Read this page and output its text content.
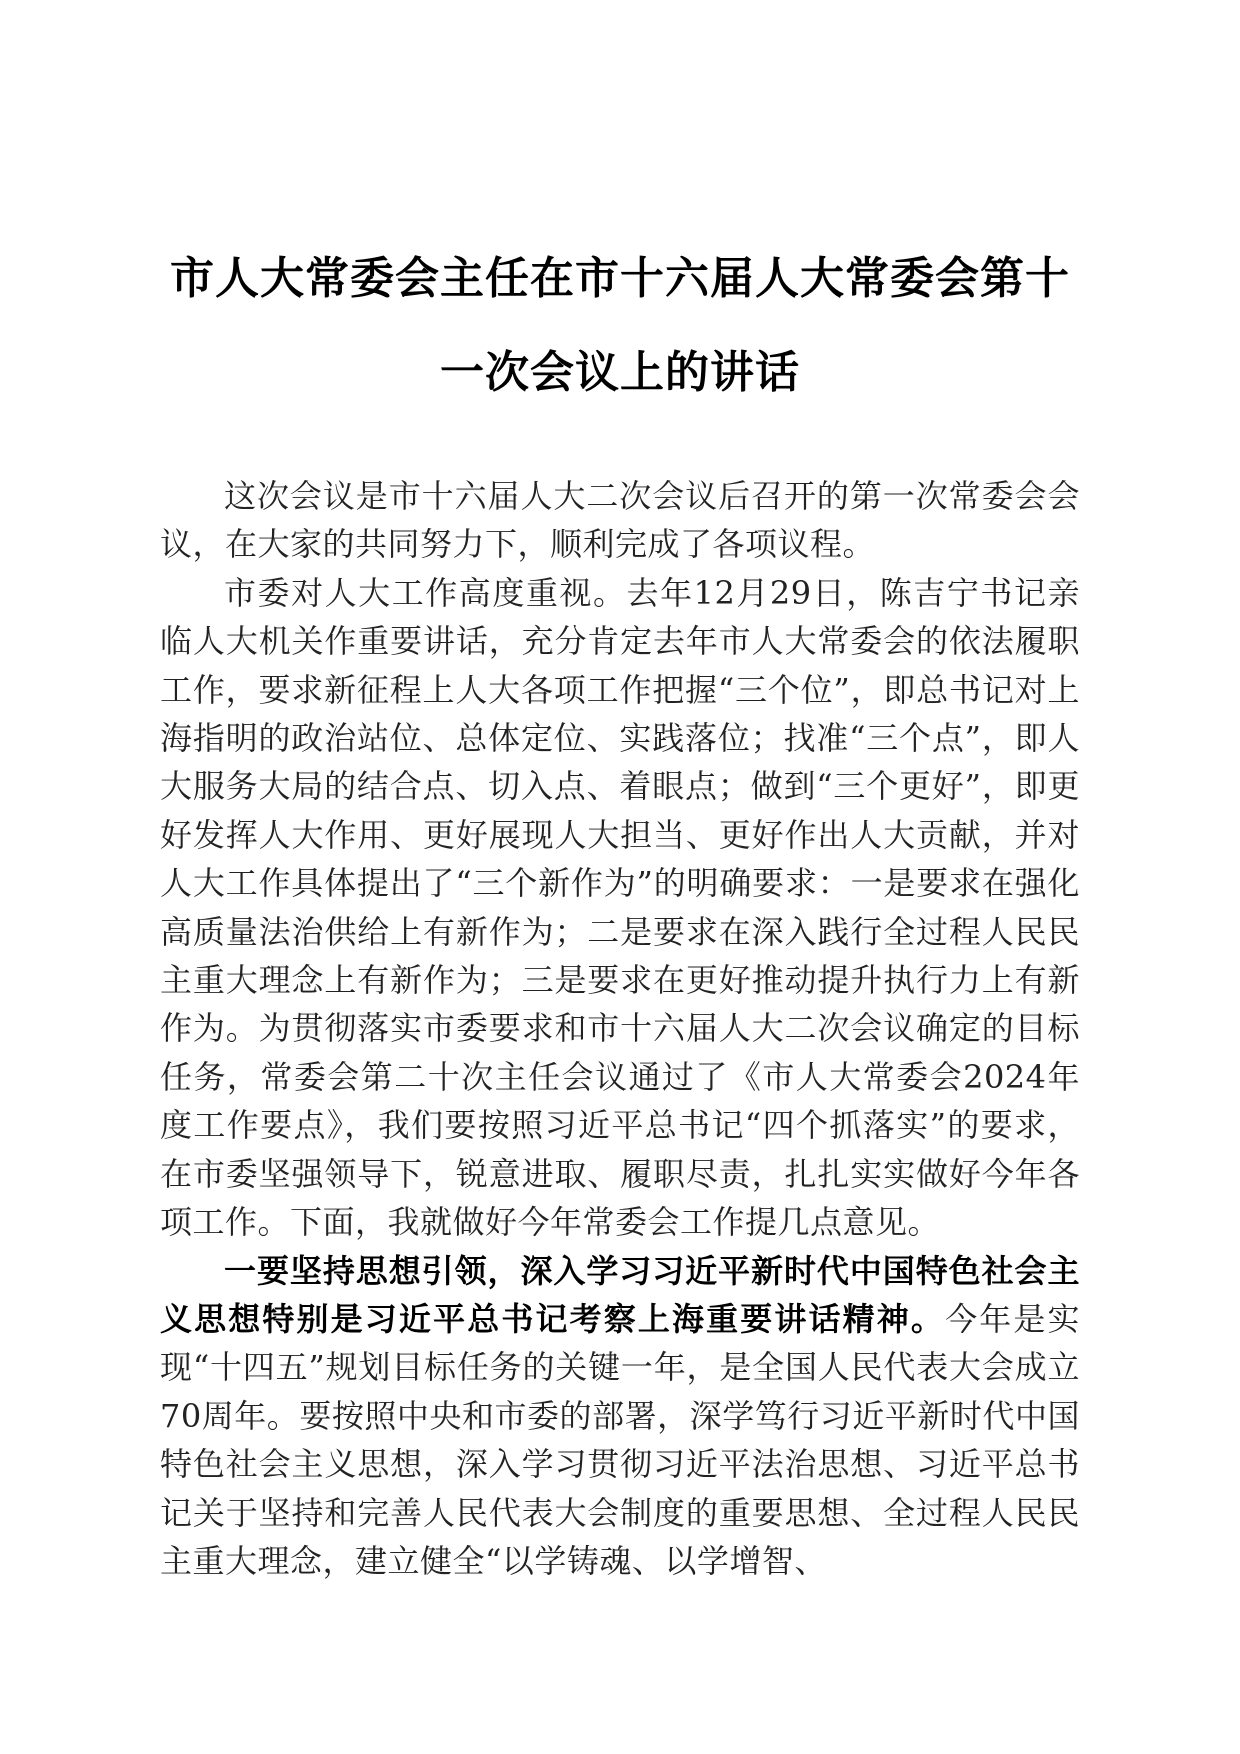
市人大常委会主任在市十六届人大常委会第十
一次会议上的讲话

这次会议是市十六届人大二次会议后召开的第一次常委会会议，在大家的共同努力下，顺利完成了各项议程。

市委对人大工作高度重视。去年12月29日，陈吉宁书记亲临人大机关作重要讲话，充分肯定去年市人大常委会的依法履职工作，要求新征程上人大各项工作把握“三个位”，即总书记对上海指明的政治站位、总体定位、实践落位；找准“三个点”，即人大服务大局的结合点、切入点、着眼点；做到“三个更好”，即更好发挥人大作用、更好展现人大担当、更好作出人大贡献，并对人大工作具体提出了“三个新作为”的明确要求：一是要求在强化高质量法治供给上有新作为；二是要求在深入践行全过程人民民主重大理念上有新作为；三是要求在更好推动提升执行力上有新作为。为贯彻落实市委要求和市十六届人大二次会议确定的目标任务，常委会第二十次主任会议通过了《市人大常委会2024年度工作要点》，我们要按照习近平总书记“四个抓落实”的要求，在市委坚强领导下，锐意进取、履职尽责，扎扎实实做好今年各项工作。下面，我就做好今年常委会工作提几点意见。

一要坚持思想引领，深入学习习近平新时代中国特色社会主义思想特别是习近平总书记考察上海重要讲话精神。今年是实现“十四五”规划目标任务的关键一年，是全国人民代表大会成立70周年。要按照中央和市委的部署，深学笃行习近平新时代中国特色社会主义思想，深入学习贯彻习近平法治思想、习近平总书记关于坚持和完善人民代表大会制度的重要思想、全过程人民民主重大理念，建立健全“以学铸魂、以学增智、
